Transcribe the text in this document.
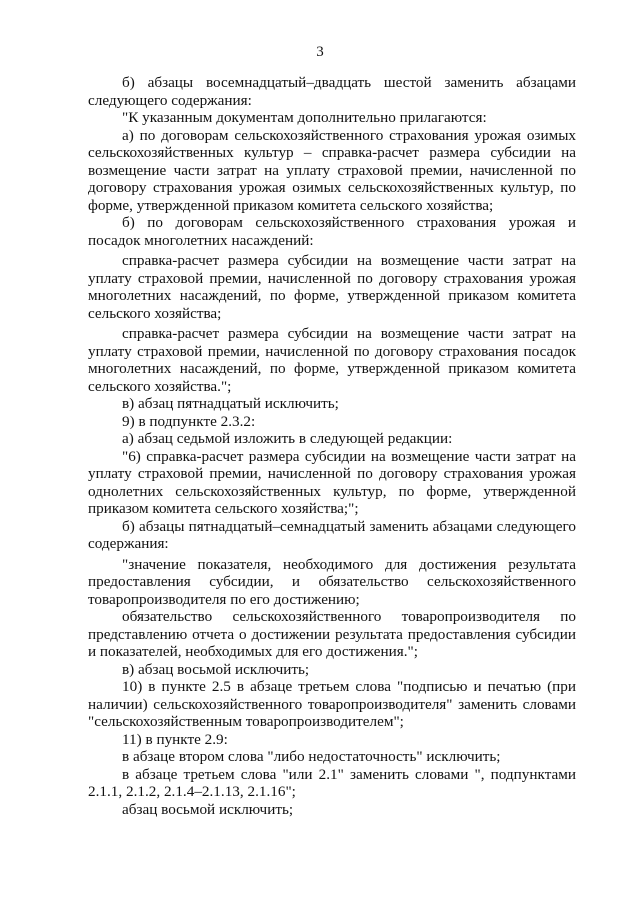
3

б) абзацы восемнадцатый–двадцать шестой заменить абзацами следующего содержания:

"К указанным документам дополнительно прилагаются:

а) по договорам сельскохозяйственного страхования урожая озимых сельскохозяйственных культур – справка-расчет размера субсидии на возмещение части затрат на уплату страховой премии, начисленной по договору страхования урожая озимых сельскохозяйственных культур, по форме, утвержденной приказом комитета сельского хозяйства;

б) по договорам сельскохозяйственного страхования урожая и посадок многолетних насаждений:

справка-расчет размера субсидии на возмещение части затрат на уплату страховой премии, начисленной по договору страхования урожая многолетних насаждений, по форме, утвержденной приказом комитета сельского хозяйства;

справка-расчет размера субсидии на возмещение части затрат на уплату страховой премии, начисленной по договору страхования посадок многолетних насаждений, по форме, утвержденной приказом комитета сельского хозяйства.";

в) абзац пятнадцатый исключить;

9) в подпункте 2.3.2:

а) абзац седьмой изложить в следующей редакции:

"6) справка-расчет размера субсидии на возмещение части затрат на уплату страховой премии, начисленной по договору страхования урожая однолетних сельскохозяйственных культур, по форме, утвержденной приказом комитета сельского хозяйства;";

б) абзацы пятнадцатый–семнадцатый заменить абзацами следующего содержания:

"значение показателя, необходимого для достижения результата предоставления субсидии, и обязательство сельскохозяйственного товаропроизводителя по его достижению;

обязательство сельскохозяйственного товаропроизводителя по представлению отчета о достижении результата предоставления субсидии и показателей, необходимых для его достижения.";

в) абзац восьмой исключить;

10) в пункте 2.5 в абзаце третьем слова "подписью и печатью (при наличии) сельскохозяйственного товаропроизводителя" заменить словами "сельскохозяйственным товаропроизводителем";

11) в пункте 2.9:

в абзаце втором слова "либо недостаточность" исключить;

в абзаце третьем слова "или 2.1" заменить словами ", подпунктами 2.1.1, 2.1.2, 2.1.4–2.1.13, 2.1.16";

абзац восьмой исключить;
